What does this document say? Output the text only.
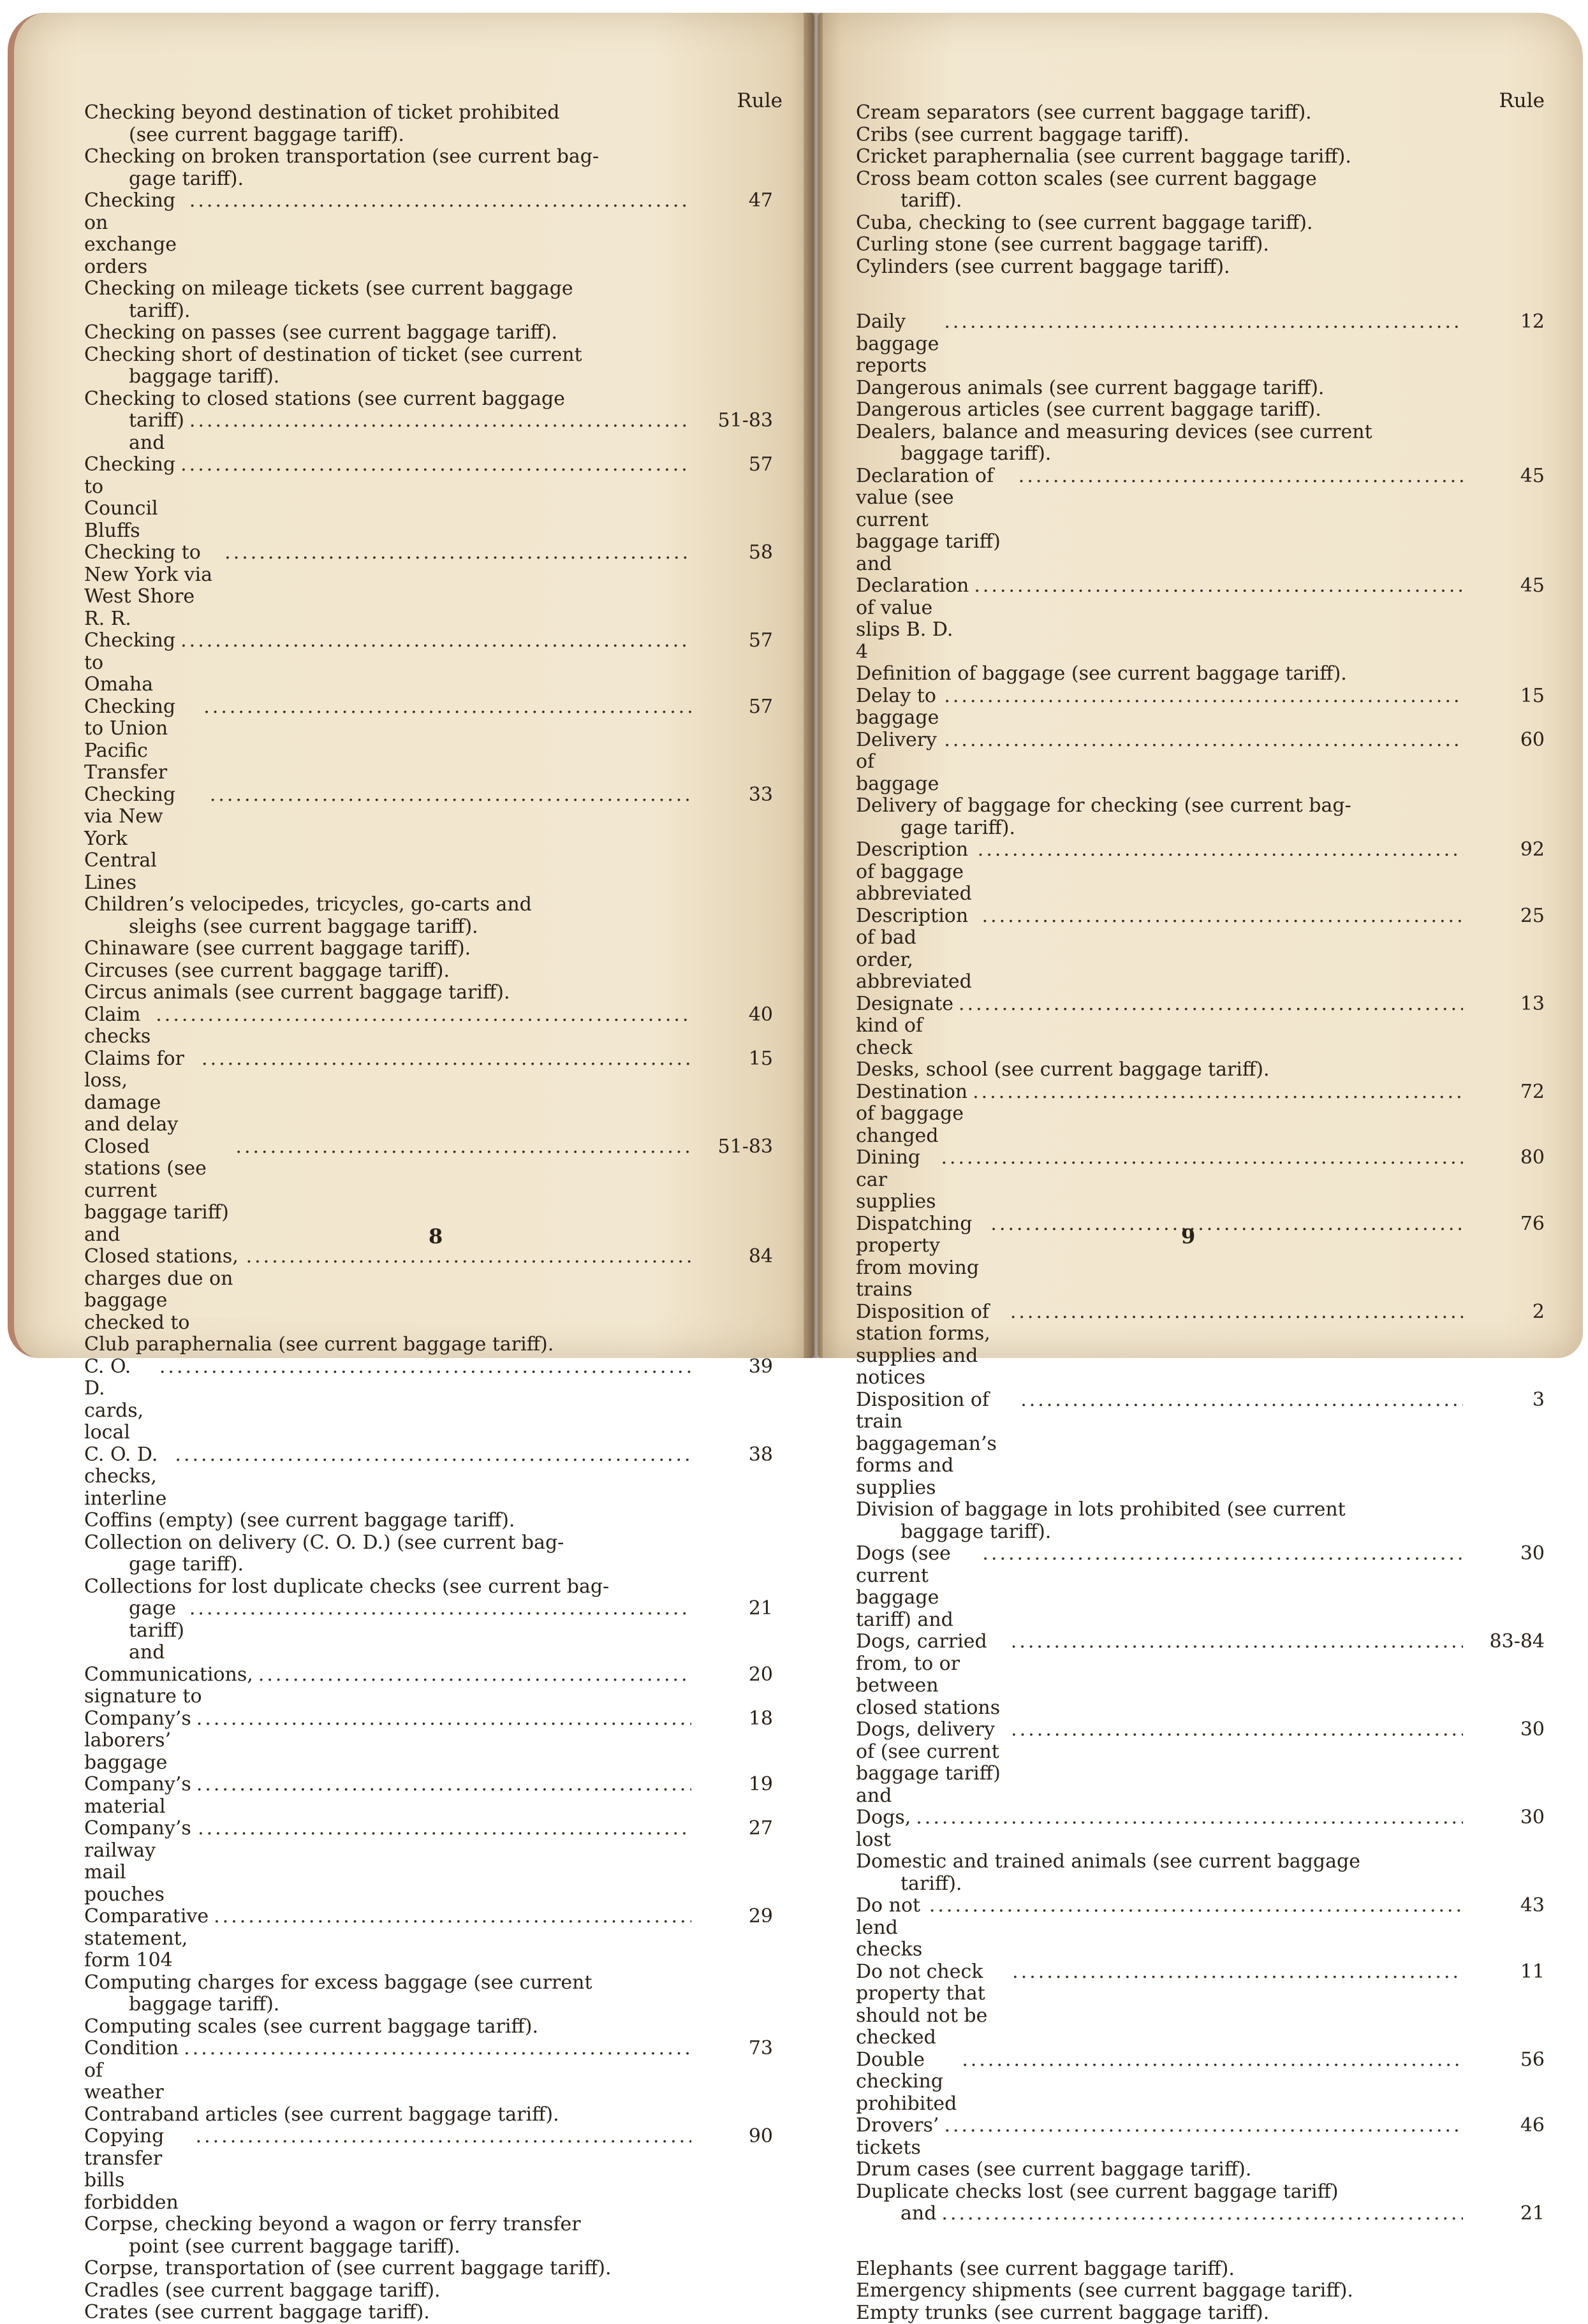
Rule
Checking beyond destination of ticket prohibited
(see current baggage tariff).
Checking on broken transportation (see current bag-
gage tariff).
Checking on exchange orders
.....
47
Checking on mileage tickets (see current baggage
tariff).
Checking on passes (see current baggage tariff).
Checking short of destination of ticket (see current
baggage tariff).
Checking to closed stations (see current baggage
tariff) and
.....
51-83
Checking to Council Bluffs
.....
57
Checking to New York via West Shore R. R.
.....
58
Checking to Omaha
.....
57
Checking to Union Pacific Transfer
.....
57
Checking via New York Central Lines
.....
33
Children’s velocipedes, tricycles, go-carts and
sleighs (see current baggage tariff).
Chinaware (see current baggage tariff).
Circuses (see current baggage tariff).
Circus animals (see current baggage tariff).
Claim checks
.....
40
Claims for loss, damage and delay
.....
15
Closed stations (see current baggage tariff) and
.....
51-83
Closed stations, charges due on baggage checked to
.....
84
Club paraphernalia (see current baggage tariff).
C. O. D. cards, local
.....
39
C. O. D. checks, interline
.....
38
Coffins (empty) (see current baggage tariff).
Collection on delivery (C. O. D.) (see current bag-
gage tariff).
Collections for lost duplicate checks (see current bag-
gage tariff) and
.....
21
Communications, signature to
.....
20
Company’s laborers’ baggage
.....
18
Company’s material
.....
19
Company’s railway mail pouches
.....
27
Comparative statement, form 104
.....
29
Computing charges for excess baggage (see current
baggage tariff).
Computing scales (see current baggage tariff).
Condition of weather
.....
73
Contraband articles (see current baggage tariff).
Copying transfer bills forbidden
.....
90
Corpse, checking beyond a wagon or ferry transfer
point (see current baggage tariff).
Corpse, transportation of (see current baggage tariff).
Cradles (see current baggage tariff).
Crates (see current baggage tariff).
8
Rule
Cream separators (see current baggage tariff).
Cribs (see current baggage tariff).
Cricket paraphernalia (see current baggage tariff).
Cross beam cotton scales (see current baggage
tariff).
Cuba, checking to (see current baggage tariff).
Curling stone (see current baggage tariff).
Cylinders (see current baggage tariff).
Daily baggage reports
.....
12
Dangerous animals (see current baggage tariff).
Dangerous articles (see current baggage tariff).
Dealers, balance and measuring devices (see current
baggage tariff).
Declaration of value (see current baggage tariff) and
.....
45
Declaration of value slips B. D. 4
.....
45
Definition of baggage (see current baggage tariff).
Delay to baggage
.....
15
Delivery of baggage
.....
60
Delivery of baggage for checking (see current bag-
gage tariff).
Description of baggage abbreviated
.....
92
Description of bad order, abbreviated
.....
25
Designate kind of check
.....
13
Desks, school (see current baggage tariff).
Destination of baggage changed
.....
72
Dining car supplies
.....
80
Dispatching property from moving trains
.....
76
Disposition of station forms, supplies and notices
.....
2
Disposition of train baggageman’s forms and supplies
.....
3
Division of baggage in lots prohibited (see current
baggage tariff).
Dogs (see current baggage tariff) and
.....
30
Dogs, carried from, to or between closed stations
.....
83-84
Dogs, delivery of (see current baggage tariff) and
.....
30
Dogs, lost
.....
30
Domestic and trained animals (see current baggage
tariff).
Do not lend checks
.....
43
Do not check property that should not be checked
.....
11
Double checking prohibited
.....
56
Drovers’ tickets
.....
46
Drum cases (see current baggage tariff).
Duplicate checks lost (see current baggage tariff)
and
.....	21
Elephants (see current baggage tariff).
Emergency shipments (see current baggage tariff).
Empty trunks (see current baggage tariff).
9
